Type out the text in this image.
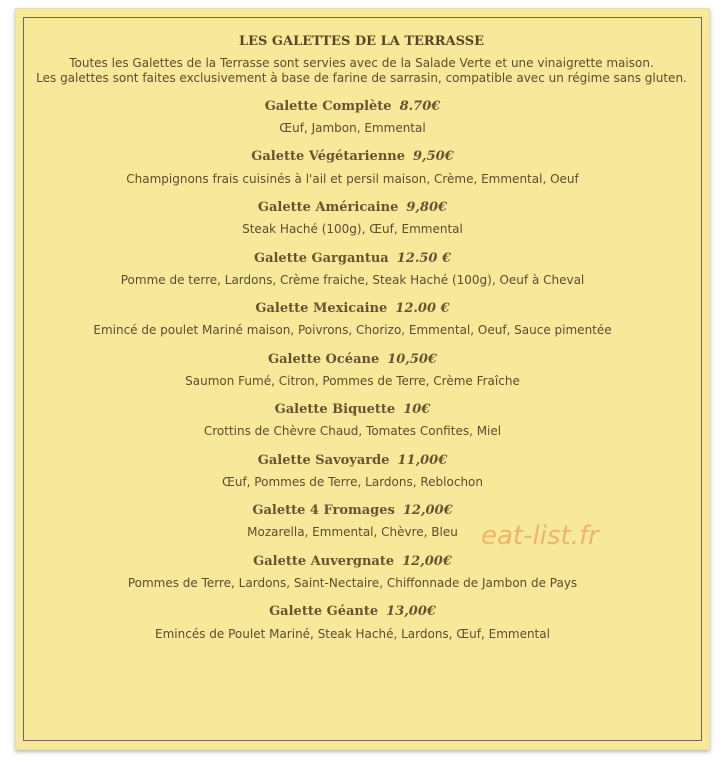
LES GALETTES DE LA TERRASSE
Toutes les Galettes de la Terrasse sont servies avec de la Salade Verte et une vinaigrette maison.
Les galettes sont faites exclusivement à base de farine de sarrasin, compatible avec un régime sans gluten.
Galette Complète 8.70€
Œuf, Jambon, Emmental
Galette Végétarienne 9,50€
Champignons frais cuisinés à l'ail et persil maison, Crème, Emmental, Oeuf
Galette Américaine 9,80€
Steak Haché (100g), Œuf, Emmental
Galette Gargantua 12.50 €
Pomme de terre, Lardons, Crème fraiche, Steak Haché (100g), Oeuf à Cheval
Galette Mexicaine 12.00 €
Emincé de poulet Mariné maison, Poivrons, Chorizo, Emmental, Oeuf, Sauce pimentée
Galette Océane 10,50€
Saumon Fumé, Citron, Pommes de Terre, Crème Fraîche
Galette Biquette 10€
Crottins de Chèvre Chaud, Tomates Confites, Miel
Galette Savoyarde 11,00€
Œuf, Pommes de Terre, Lardons, Reblochon
Galette 4 Fromages 12,00€
Mozarella, Emmental, Chèvre, Bleu
Galette Auvergnate 12,00€
Pommes de Terre, Lardons, Saint-Nectaire, Chiffonnade de Jambon de Pays
Galette Géante 13,00€
Emincés de Poulet Mariné, Steak Haché, Lardons, Œuf, Emmental
eat-list.fr
